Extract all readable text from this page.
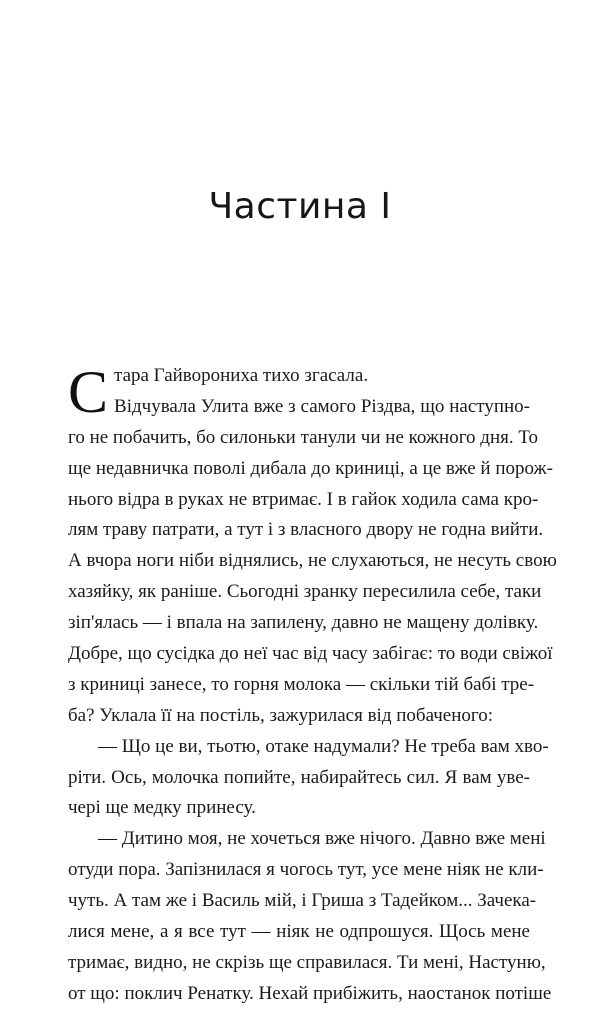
Частина І
С тара Гайворониха тихо згасала.
Відчувала Улита вже з самого Різдва, що наступно-
го не побачить, бо силоньки танули чи не кожного дня. То
ще недавничка поволі дибала до криниці, а це вже й порож-
нього відра в руках не втримає. І в гайок ходила сама кро-
лям траву патрати, а тут і з власного двору не годна вийти.
А вчора ноги ніби віднялись, не слухаються, не несуть свою
хазяйку, як раніше. Сьогодні зранку пересилила себе, таки
зіп'ялась — і впала на запилену, давно не мащену долівку.
Добре, що сусідка до неї час від часу забігає: то води свіжої
з криниці занесе, то горня молока — скільки тій бабі тре-
ба? Уклала її на постіль, зажурилася від побаченого:
— Що це ви, тьотю, отаке надумали? Не треба вам хво-
ріти. Ось, молочка попийте, набирайтесь сил. Я вам уве-
чері ще медку принесу.
— Дитино моя, не хочеться вже нічого. Давно вже мені
отуди пора. Запізнилася я чогось тут, усе мене ніяк не кли-
чуть. А там же і Василь мій, і Гриша з Тадейком... Зачека-
лися мене, а я все тут — ніяк не одпрошуся. Щось мене
тримає, видно, не скрізь ще справилася. Ти мені, Настуню,
от що: поклич Ренатку. Нехай прибіжить, наостанок потіше
